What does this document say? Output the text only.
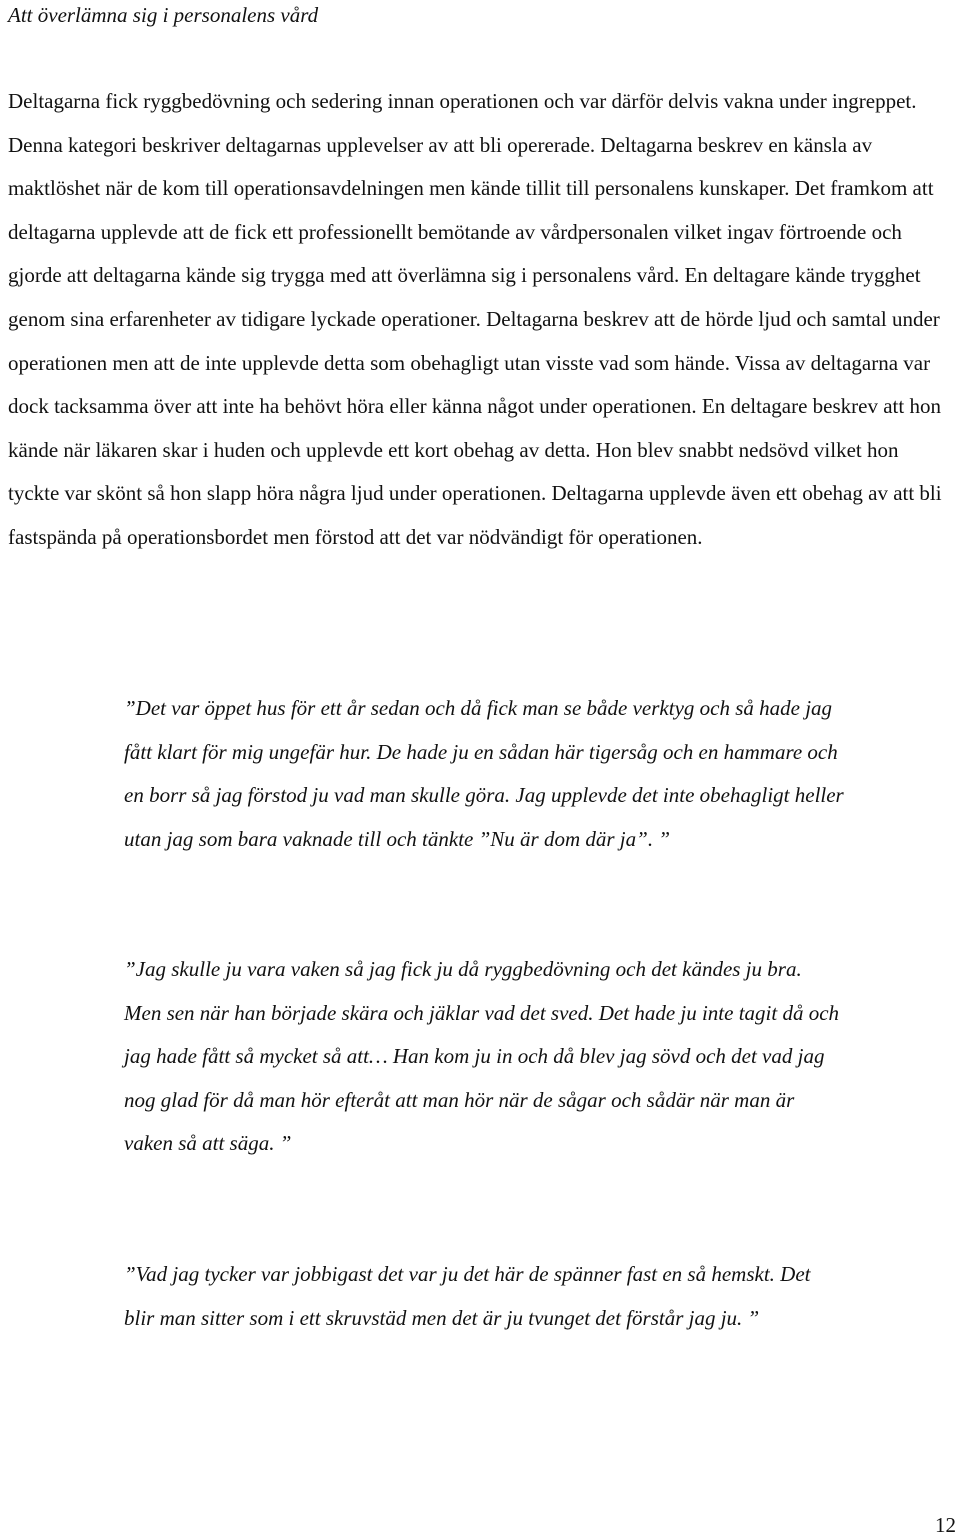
Att överlämna sig i personalens vård

Deltagarna fick ryggbedövning och sedering innan operationen och var därför delvis vakna under ingreppet. Denna kategori beskriver deltagarnas upplevelser av att bli opererade. Deltagarna beskrev en känsla av maktlöshet när de kom till operationsavdelningen men kände tillit till personalens kunskaper. Det framkom att deltagarna upplevde att de fick ett professionellt bemötande av vårdpersonalen vilket ingav förtroende och gjorde att deltagarna kände sig trygga med att överlämna sig i personalens vård. En deltagare kände trygghet genom sina erfarenheter av tidigare lyckade operationer. Deltagarna beskrev att de hörde ljud och samtal under operationen men att de inte upplevde detta som obehagligt utan visste vad som hände. Vissa av deltagarna var dock tacksamma över att inte ha behövt höra eller känna något under operationen. En deltagare beskrev att hon kände när läkaren skar i huden och upplevde ett kort obehag av detta. Hon blev snabbt nedsövd vilket hon tyckte var skönt så hon slapp höra några ljud under operationen. Deltagarna upplevde även ett obehag av att bli fastspända på operationsbordet men förstod att det var nödvändigt för operationen.

”Det var öppet hus för ett år sedan och då fick man se både verktyg och så hade jag fått klart för mig ungefär hur. De hade ju en sådan här tigersåg och en hammare och en borr så jag förstod ju vad man skulle göra. Jag upplevde det inte obehagligt heller utan jag som bara vaknade till och tänkte ”Nu är dom där ja”. ”

”Jag skulle ju vara vaken så jag fick ju då ryggbedövning och det kändes ju bra. Men sen när han började skära och jäklar vad det sved. Det hade ju inte tagit då och jag hade fått så mycket så att… Han kom ju in och då blev jag sövd och det vad jag nog glad för då man hör efteråt att man hör när de sågar och sådär när man är vaken så att säga. ”

”Vad jag tycker var jobbigast det var ju det här de spänner fast en så hemskt. Det blir man sitter som i ett skruvstäd men det är ju tvunget det förstår jag ju. ”

12
